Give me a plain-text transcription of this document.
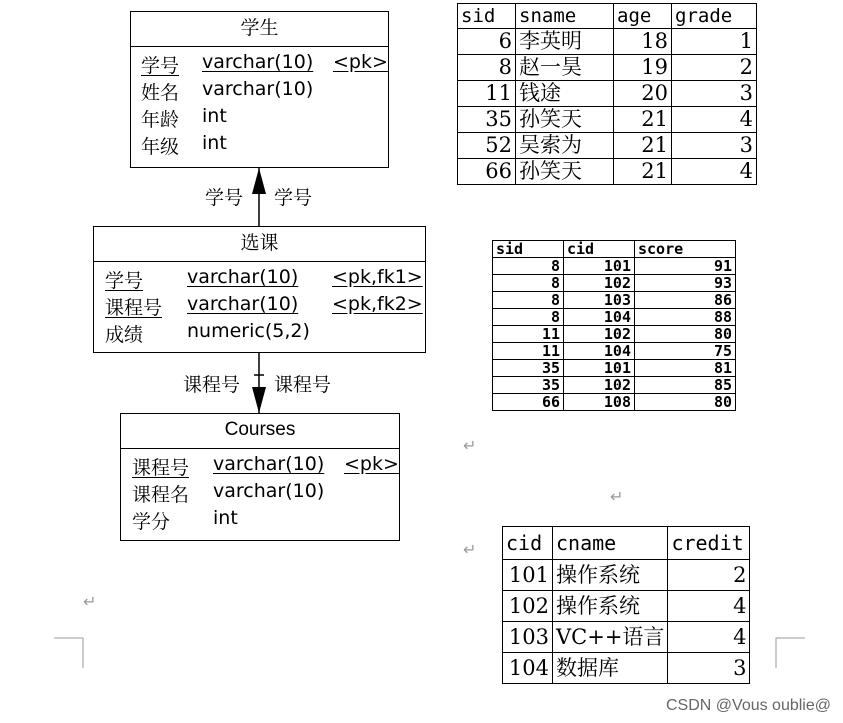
学生
学号 varchar(10) <pk>
姓名 varchar(10)
年龄 int
年级 int
学号 学号
选课
学号 varchar(10) <pk,fk1>
课程号 varchar(10) <pk,fk2>
成绩 numeric(5,2)
课程号 课程号
Courses
课程号 varchar(10) <pk>
课程名 varchar(10)
学分 int
sid	sname	age	grade
6	李英明	18	1
8	赵一昊	19	2
11	钱途	20	3
35	孙笑天	21	4
52	吴索为	21	3
66	孙笑天	21	4
sid	cid	score
8	101	91
8	102	93
8	103	86
8	104	88
11	102	80
11	104	75
35	101	81
35	102	85
66	108	80
cid	cname	credit
101	操作系统	2
102	操作系统	4
103	VC++语言	4
104	数据库	3
↵
↵
↵
↵
CSDN @Vous oublie@
